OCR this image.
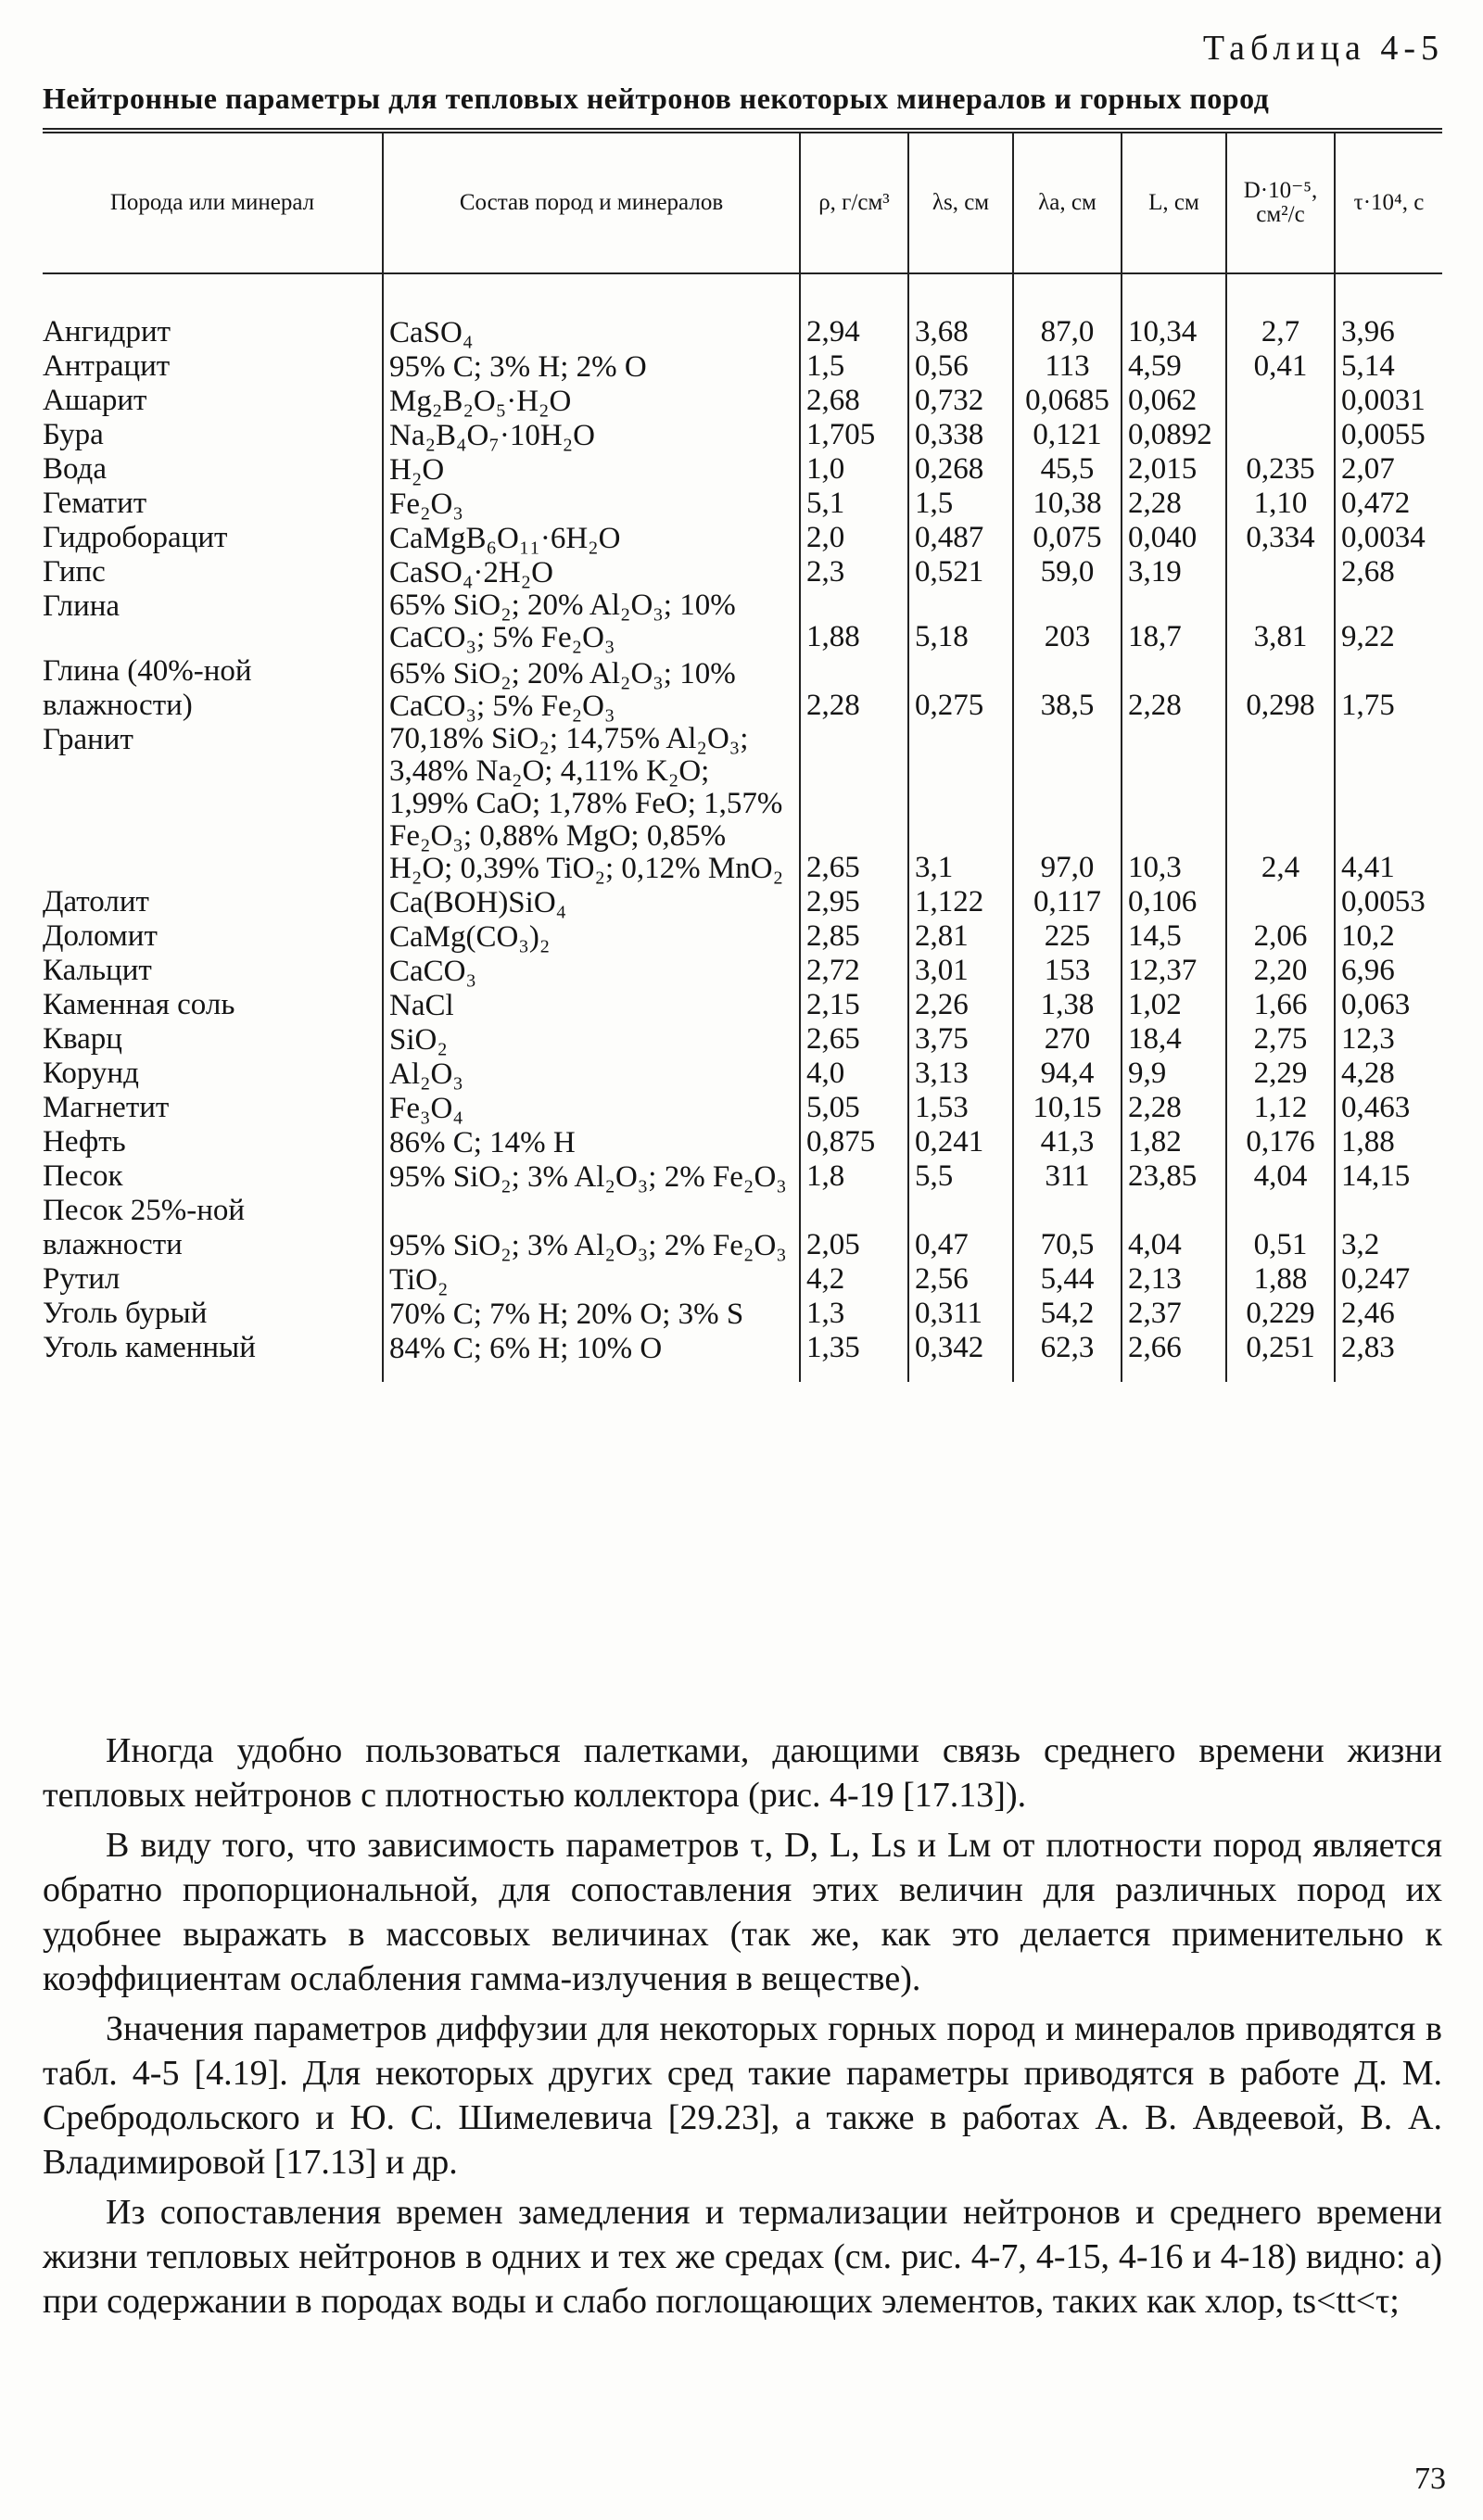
Таблица 4-5
Нейтронные параметры для тепловых нейтронов некоторых минералов и горных пород
Порода или минерал	Состав пород и минералов	ρ, г/см³	λs, см	λa, см	L, см	D·10⁻⁵, см²/с	τ·10⁴, с
Ангидрит	CaSO₄	2,94	3,68	87,0	10,34	2,7	3,96
Антрацит	95% C; 3% H; 2% O	1,5	0,56	113	4,59	0,41	5,14
Ашарит	Mg₂B₂O₅·H₂O	2,68	0,732	0,0685	0,062		0,0031
Бура	Na₂B₄O₇·10H₂O	1,705	0,338	0,121	0,0892		0,0055
Вода	H₂O	1,0	0,268	45,5	2,015	0,235	2,07
Гематит	Fe₂O₃	5,1	1,5	10,38	2,28	1,10	0,472
Гидроборацит	CaMgB₆O₁₁·6H₂O	2,0	0,487	0,075	0,040	0,334	0,0034
Гипс	CaSO₄·2H₂O	2,3	0,521	59,0	3,19		2,68
Глина	65% SiO₂; 20% Al₂O₃; 10% CaCO₃; 5% Fe₂O₃	1,88	5,18	203	18,7	3,81	9,22
Глина (40%-ной влажности)	65% SiO₂; 20% Al₂O₃; 10% CaCO₃; 5% Fe₂O₃	2,28	0,275	38,5	2,28	0,298	1,75
Гранит	70,18% SiO₂; 14,75% Al₂O₃; 3,48% Na₂O; 4,11% K₂O; 1,99% CaO; 1,78% FeO; 1,57% Fe₂O₃; 0,88% MgO; 0,85% H₂O; 0,39% TiO₂; 0,12% MnO₂	2,65	3,1	97,0	10,3	2,4	4,41
Датолит	Ca(BOH)SiO₄	2,95	1,122	0,117	0,106		0,0053
Доломит	CaMg(CO₃)₂	2,85	2,81	225	14,5	2,06	10,2
Кальцит	CaCO₃	2,72	3,01	153	12,37	2,20	6,96
Каменная соль	NaCl	2,15	2,26	1,38	1,02	1,66	0,063
Кварц	SiO₂	2,65	3,75	270	18,4	2,75	12,3
Корунд	Al₂O₃	4,0	3,13	94,4	9,9	2,29	4,28
Магнетит	Fe₃O₄	5,05	1,53	10,15	2,28	1,12	0,463
Нефть	86% C; 14% H	0,875	0,241	41,3	1,82	0,176	1,88
Песок	95% SiO₂; 3% Al₂O₃; 2% Fe₂O₃	1,8	5,5	311	23,85	4,04	14,15
Песок 25%-ной влажности	95% SiO₂; 3% Al₂O₃; 2% Fe₂O₃	2,05	0,47	70,5	4,04	0,51	3,2
Рутил	TiO₂	4,2	2,56	5,44	2,13	1,88	0,247
Уголь бурый	70% C; 7% H; 20% O; 3% S	1,3	0,311	54,2	2,37	0,229	2,46
Уголь каменный	84% C; 6% H; 10% O	1,35	0,342	62,3	2,66	0,251	2,83

Иногда удобно пользоваться палетками, дающими связь среднего времени жизни тепловых нейтронов с плотностью коллектора (рис. 4-19 [17.13]).

В виду того, что зависимость параметров τ, D, L, Ls и Lм от плотности пород является обратно пропорциональной, для сопоставления этих величин для различных пород их удобнее выражать в массовых величинах (так же, как это делается применительно к коэффициентам ослабления гамма-излучения в веществе).

Значения параметров диффузии для некоторых горных пород и минералов приводятся в табл. 4-5 [4.19]. Для некоторых других сред такие параметры приводятся в работе Д. М. Сребродольского и Ю. С. Шимелевича [29.23], а также в работах А. В. Авдеевой, В. А. Владимировой [17.13] и др.

Из сопоставления времен замедления и термализации нейтронов и среднего времени жизни тепловых нейтронов в одних и тех же средах (см. рис. 4-7, 4-15, 4-16 и 4-18) видно: а) при содержании в породах воды и слабо поглощающих элементов, таких как хлор, ts<tt<τ;

73
